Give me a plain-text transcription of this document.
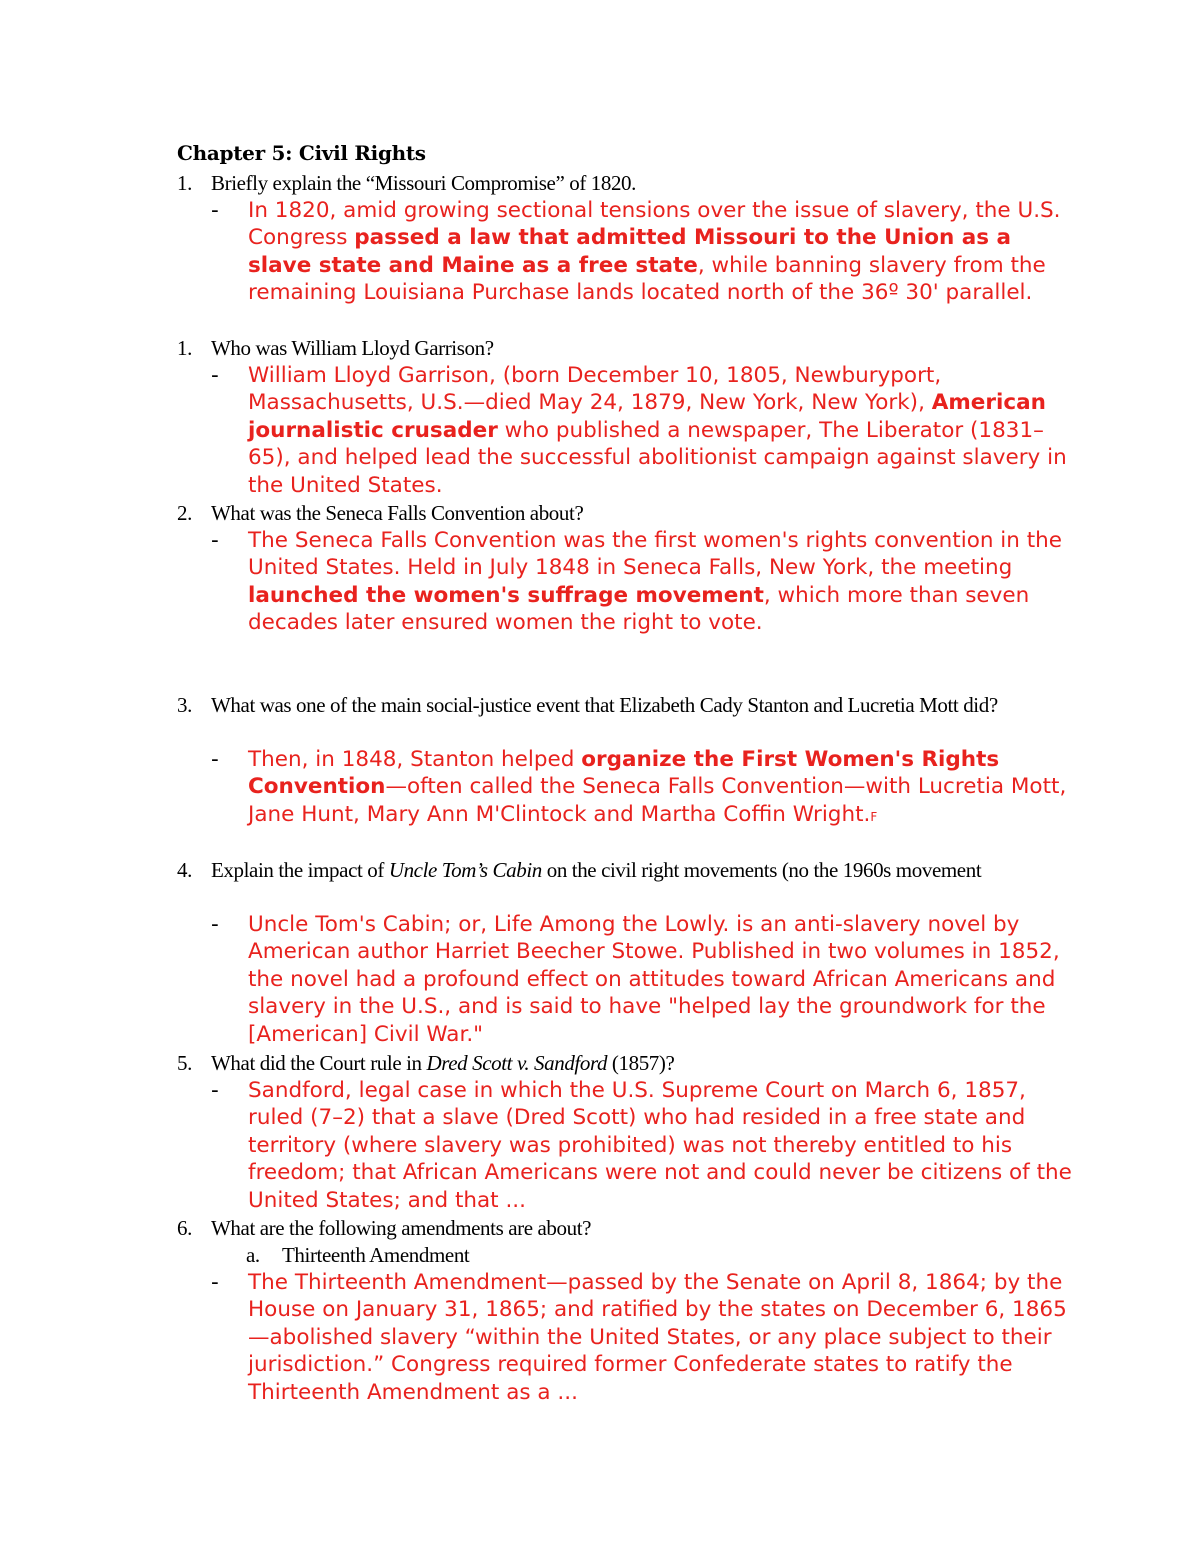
Chapter 5: Civil Rights
1. Briefly explain the “Missouri Compromise” of 1820.
- In 1820, amid growing sectional tensions over the issue of slavery, the U.S. Congress passed a law that admitted Missouri to the Union as a slave state and Maine as a free state, while banning slavery from the remaining Louisiana Purchase lands located north of the 36º 30' parallel.
1. Who was William Lloyd Garrison?
- William Lloyd Garrison, (born December 10, 1805, Newburyport, Massachusetts, U.S.—died May 24, 1879, New York, New York), American journalistic crusader who published a newspaper, The Liberator (1831–65), and helped lead the successful abolitionist campaign against slavery in the United States.
2. What was the Seneca Falls Convention about?
- The Seneca Falls Convention was the first women's rights convention in the United States. Held in July 1848 in Seneca Falls, New York, the meeting launched the women's suffrage movement, which more than seven decades later ensured women the right to vote.
3. What was one of the main social-justice event that Elizabeth Cady Stanton and Lucretia Mott did?
- Then, in 1848, Stanton helped organize the First Women's Rights Convention—often called the Seneca Falls Convention—with Lucretia Mott, Jane Hunt, Mary Ann M'Clintock and Martha Coffin Wright.F
4. Explain the impact of Uncle Tom’s Cabin on the civil right movements (no the 1960s movement
- Uncle Tom's Cabin; or, Life Among the Lowly. is an anti-slavery novel by American author Harriet Beecher Stowe. Published in two volumes in 1852, the novel had a profound effect on attitudes toward African Americans and slavery in the U.S., and is said to have "helped lay the groundwork for the [American] Civil War."
5. What did the Court rule in Dred Scott v. Sandford (1857)?
- Sandford, legal case in which the U.S. Supreme Court on March 6, 1857, ruled (7–2) that a slave (Dred Scott) who had resided in a free state and territory (where slavery was prohibited) was not thereby entitled to his freedom; that African Americans were not and could never be citizens of the United States; and that ...
6. What are the following amendments are about?
a. Thirteenth Amendment
- The Thirteenth Amendment—passed by the Senate on April 8, 1864; by the House on January 31, 1865; and ratified by the states on December 6, 1865—abolished slavery “within the United States, or any place subject to their jurisdiction.” Congress required former Confederate states to ratify the Thirteenth Amendment as a ...
